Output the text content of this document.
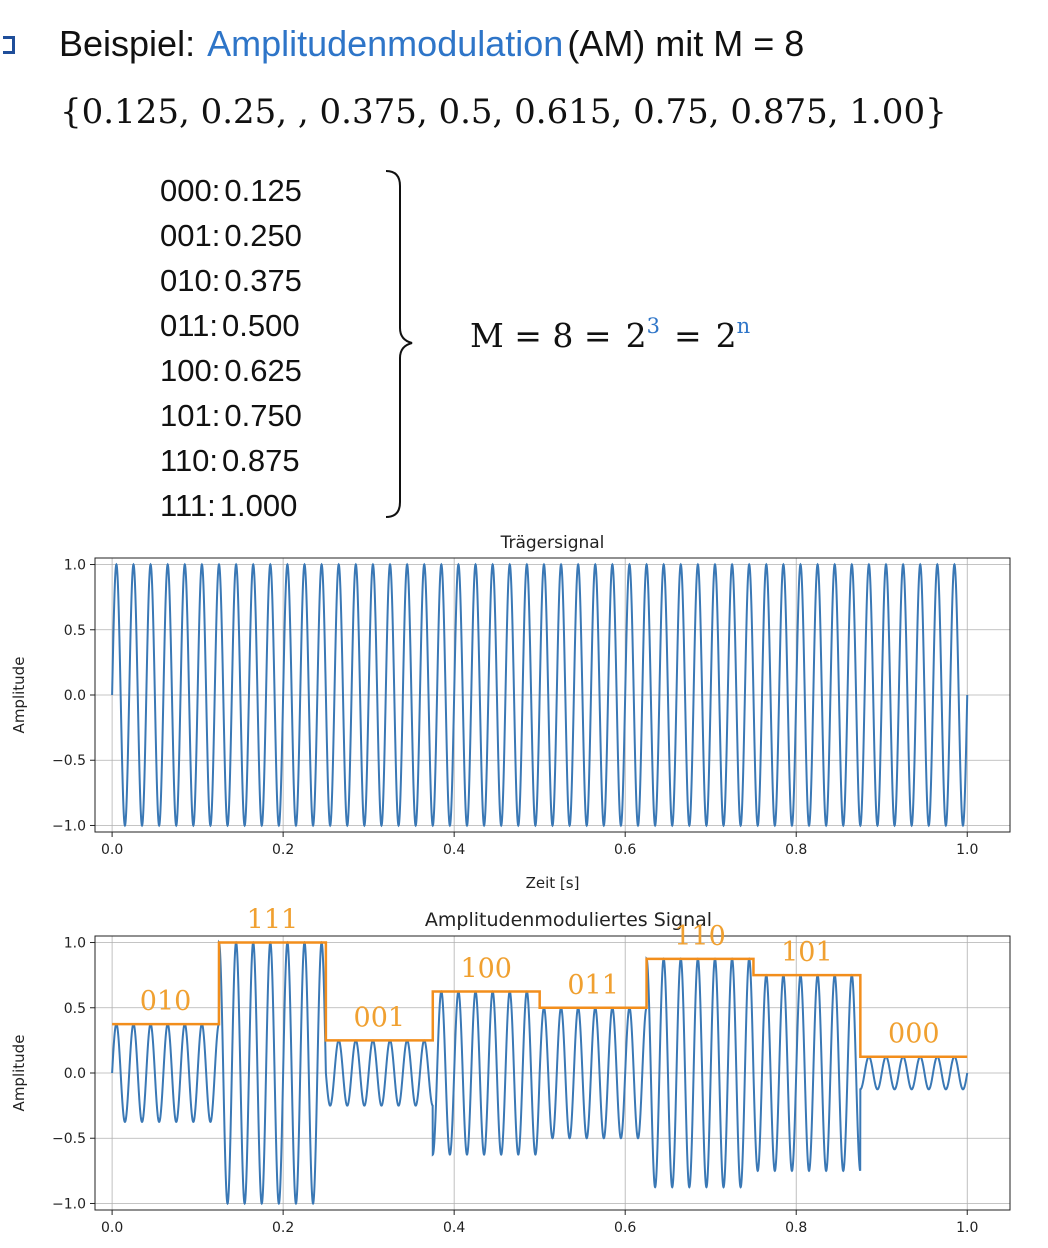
Beispiel: Amplitudenmodulation (AM) mit M = 8
{0.125, 0.25, , 0.375, 0.5, 0.615, 0.75, 0.875, 1.00}
000: 0.125
001: 0.250
010: 0.375
011: 0.500
100: 0.625
101: 0.750
110: 0.875
111: 1.000
$M = 8 = 2^3 = 2^n$
0.0	0.2	0.4	0.6	0.8	1.0
−1.0
−0.5
0.0
0.5
1.0
Trägersignal
Zeit [s]
Amplitude
0.0	0.2	0.4	0.6	0.8	1.0
−1.0
−0.5
0.0
0.5
1.0
Amplitudenmoduliertes Signal
Amplitude
010
111
001
100
011
110
101
000
